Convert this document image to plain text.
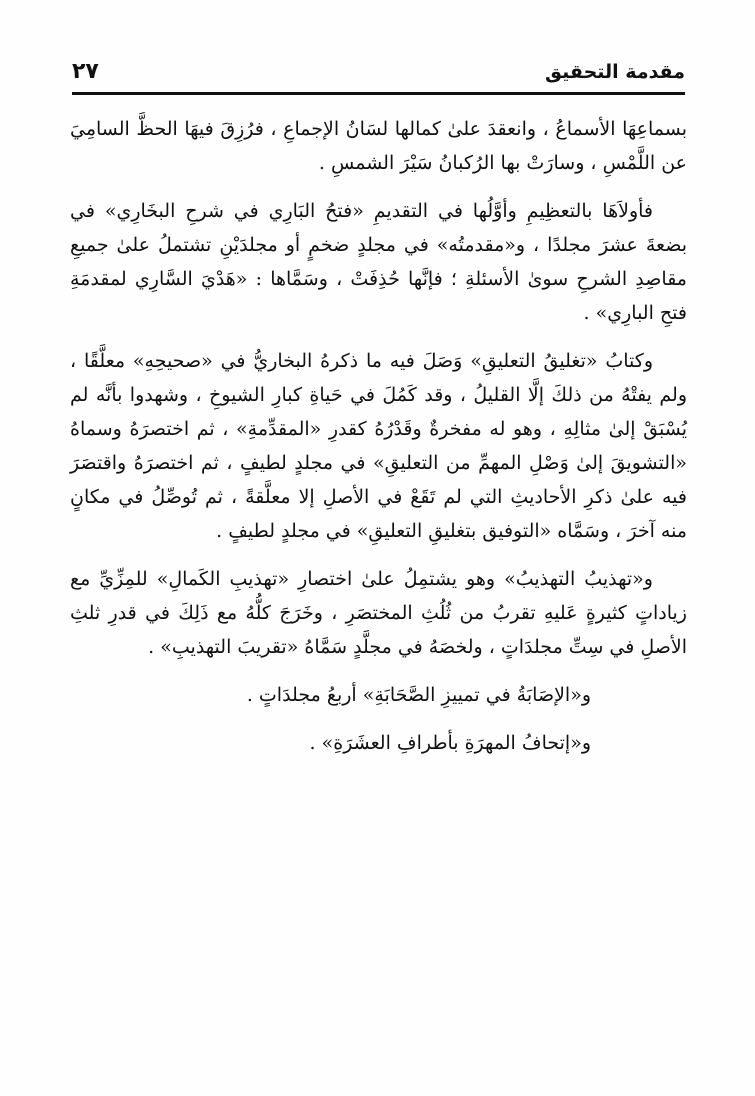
مقدمة التحقيق
٢٧

بسماعِهَا الأسماعُ ، وانعقدَ علىٰ كمالها لسَانُ الإجماعِ ، فرُزِقَ فيهَا الحظَّ السامِيَ عن اللَّمْسِ ، وسارَتْ بها الرُكبانُ سَيْرَ الشمسِ .

فأولاَهَا بالتعظِيمِ وأوَّلُها في التقديمِ «فتحُ البَارِي في شرحِ البخَارِي» في بضعةَ عشرَ مجلدًا ، و«مقدمتُه» في مجلدٍ ضخمٍ أو مجلدَيْنِ تشتملُ علىٰ جميعِ مقاصِدِ الشرحِ سوىٰ الأسئلةِ ؛ فإنَّها حُذِفَتْ ، وسَمَّاها : «هَدْيَ السَّارِي لمقدمَةِ فتحِ البارِي» .

وكتابُ «تغليقُ التعليقِ» وَصَلَ فيه ما ذكرهُ البخاريُّ في «صحيحِهِ» معلَّقًا ، ولم يفتْهُ من ذلكَ إلَّا القليلُ ، وقد كَمُلَ في حَياةِ كبارِ الشيوخِ ، وشهدوا بأنَّه لم يُسْبَقْ إلىٰ مثالِهِ ، وهو له مفخرةٌ وقَدْرُهُ كقدرِ «المقدِّمةِ» ، ثم اختصرَهُ وسماهُ «التشويقَ إلىٰ وَصْلِ المهمِّ من التعليقِ» في مجلدٍ لطيفٍ ، ثم اختصرَهُ واقتصَرَ فيه علىٰ ذكرِ الأحاديثِ التي لم تَقَعْ في الأصلِ إلا معلَّقةً ، ثم تُوصِّلُ في مكانٍ منه آخرَ ، وسَمَّاه «التوفيق بتغليقِ التعليقِ» في مجلدٍ لطيفٍ .

و«تهذيبُ التهذيبُ» وهو يشتمِلُ علىٰ اختصارِ «تهذيبِ الكَمالِ» للمِزِّيِّ مع زياداتٍ كثيرةٍ عَليهِ تقربُ من ثُلُثِ المختصَرِ ، وخَرَجَ كلُّهُ مع ذَلِكَ في قدرِ ثلثِ الأصلِ في سِتِّ مجلدَاتٍ ، ولخصَهُ في مجلَّدٍ سَمَّاهُ «تقريبَ التهذيبِ» .

و«الإصَابَةُ في تمييزِ الصَّحَابَةِ» أربعُ مجلدَاتٍ .

و«إتحافُ المهرَةِ بأطرافِ العشَرَةِ» .
